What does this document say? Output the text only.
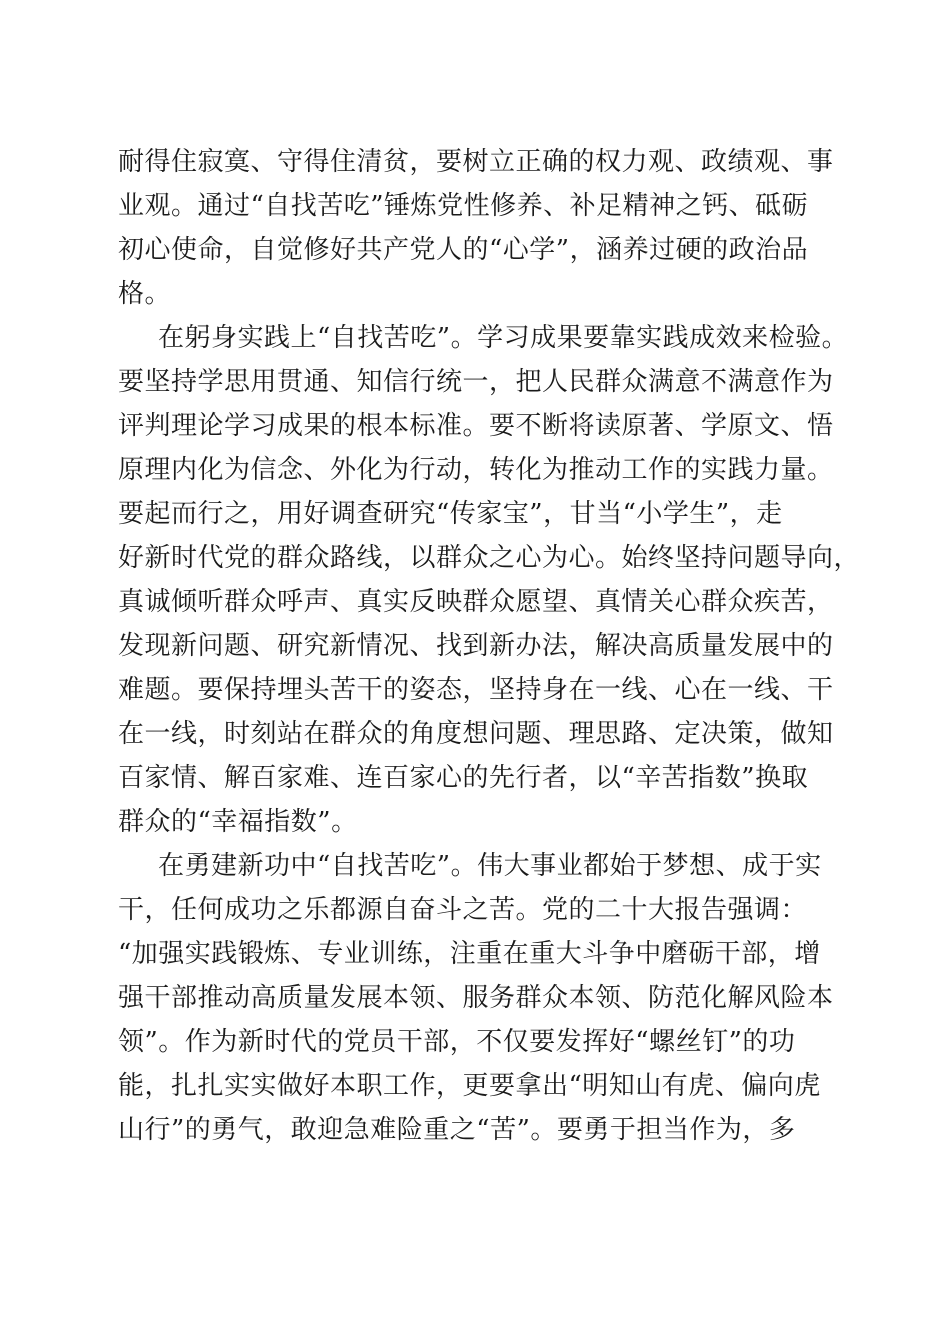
耐得住寂寞、守得住清贫，要树立正确的权力观、政绩观、事
业观。通过“自找苦吃”锤炼党性修养、补足精神之钙、砥砺
初心使命，自觉修好共产党人的“心学”，涵养过硬的政治品
格。
在躬身实践上“自找苦吃”。学习成果要靠实践成效来检验。
要坚持学思用贯通、知信行统一，把人民群众满意不满意作为
评判理论学习成果的根本标准。要不断将读原著、学原文、悟
原理内化为信念、外化为行动，转化为推动工作的实践力量。
要起而行之，用好调查研究“传家宝”，甘当“小学生”，走
好新时代党的群众路线，以群众之心为心。始终坚持问题导向，
真诚倾听群众呼声、真实反映群众愿望、真情关心群众疾苦，
发现新问题、研究新情况、找到新办法，解决高质量发展中的
难题。要保持埋头苦干的姿态，坚持身在一线、心在一线、干
在一线，时刻站在群众的角度想问题、理思路、定决策，做知
百家情、解百家难、连百家心的先行者，以“辛苦指数”换取
群众的“幸福指数”。
在勇建新功中“自找苦吃”。伟大事业都始于梦想、成于实
干，任何成功之乐都源自奋斗之苦。党的二十大报告强调：
“加强实践锻炼、专业训练，注重在重大斗争中磨砺干部，增
强干部推动高质量发展本领、服务群众本领、防范化解风险本
领”。作为新时代的党员干部，不仅要发挥好“螺丝钉”的功
能，扎扎实实做好本职工作，更要拿出“明知山有虎、偏向虎
山行”的勇气，敢迎急难险重之“苦”。要勇于担当作为，多
